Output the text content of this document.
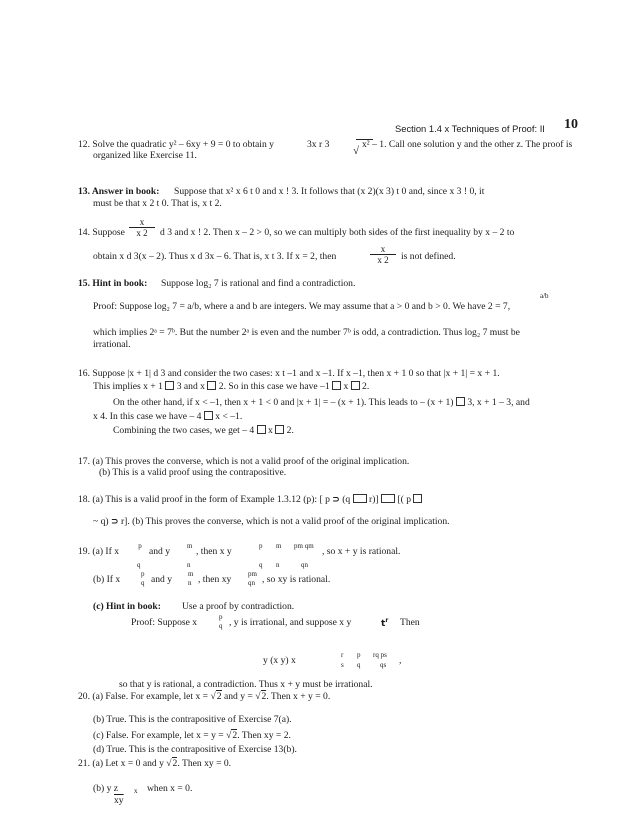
Section 1.4 x Techniques of Proof: II 10
12. Solve the quadratic y² – 6xy + 9 = 0 to obtain y	3x r 3
√
x² – 1. Call one solution y and the other z. The proof is
organized like Exercise 11.
13. Answer in book: Suppose that x² x 6 t 0 and x ! 3. It follows that (x 2)(x 3) t 0 and, since x 3 ! 0, it
must be that x 2 t 0. That is, x t 2.
14. Suppose $\frac{x}{x 2}$ d 3 and x ! 2. Then x – 2 > 0, so we can multiply both sides of the first inequality by x – 2 to
obtain x d 3(x – 2). Thus x d 3x – 6. That is, x t 3. If x = 2, then	$\frac{x}{x 2}$ is not defined.
15. Hint in book: Suppose log₂ 7 is rational and find a contradiction.
a/b
Proof: Suppose log₂ 7 = a/b, where a and b are integers. We may assume that a > 0 and b > 0. We have 2 = 7,
which implies 2ᵃ = 7ᵇ. But the number 2ᵃ is even and the number 7ᵇ is odd, a contradiction. Thus log₂ 7 must be
irrational.
16. Suppose |x + 1| d 3 and consider the two cases: x t –1 and x –1. If x –1, then x + 1 0 so that |x + 1| = x + 1.
This implies x + 1 3 and x 2. So in this case we have –1 x 2.
On the other hand, if x < –1, then x + 1 < 0 and |x + 1| = – (x + 1). This leads to – (x + 1) 3, x + 1 – 3, and
x 4. In this case we have – 4 x < –1.
Combining the two cases, we get – 4 x 2.
17. (a) This proves the converse, which is not a valid proof of the original implication.
(b) This is a valid proof using the contrapositive.
18. (a) This is a valid proof in the form of Example 1.3.12 (p): [ p ⊃ (q r)] [( p
~ q) ⊃ r]. (b) This proves the converse, which is not a valid proof of the original implication.
19. (a) If x	p
q
and y m
n
, then x y	p
q
m
n
pm qm
qn
, so x + y is rational.
(b) If x	p
q and y m
n , then xy pm
qn , so xy is rational.
(c) Hint in book: Use a proof by contradiction.
Proof: Suppose x	p
q , y is irrational, and suppose x y	$t^r$ Then
y (x y) x	r
s
p
q
rq ps
qs ,
so that y is rational, a contradiction. Thus x + y must be irrational.
20. (a) False. For example, let x = √2 and y = √2. Then x + y = 0.
(b) True. This is the contrapositive of Exercise 7(a).
(c) False. For example, let x = y = √2. Then xy = 2.
(d) True. This is the contrapositive of Exercise 13(b).
21. (a) Let x = 0 and y √2. Then xy = 0.
(b) y z x when x = 0.
$\overline{xy}$
